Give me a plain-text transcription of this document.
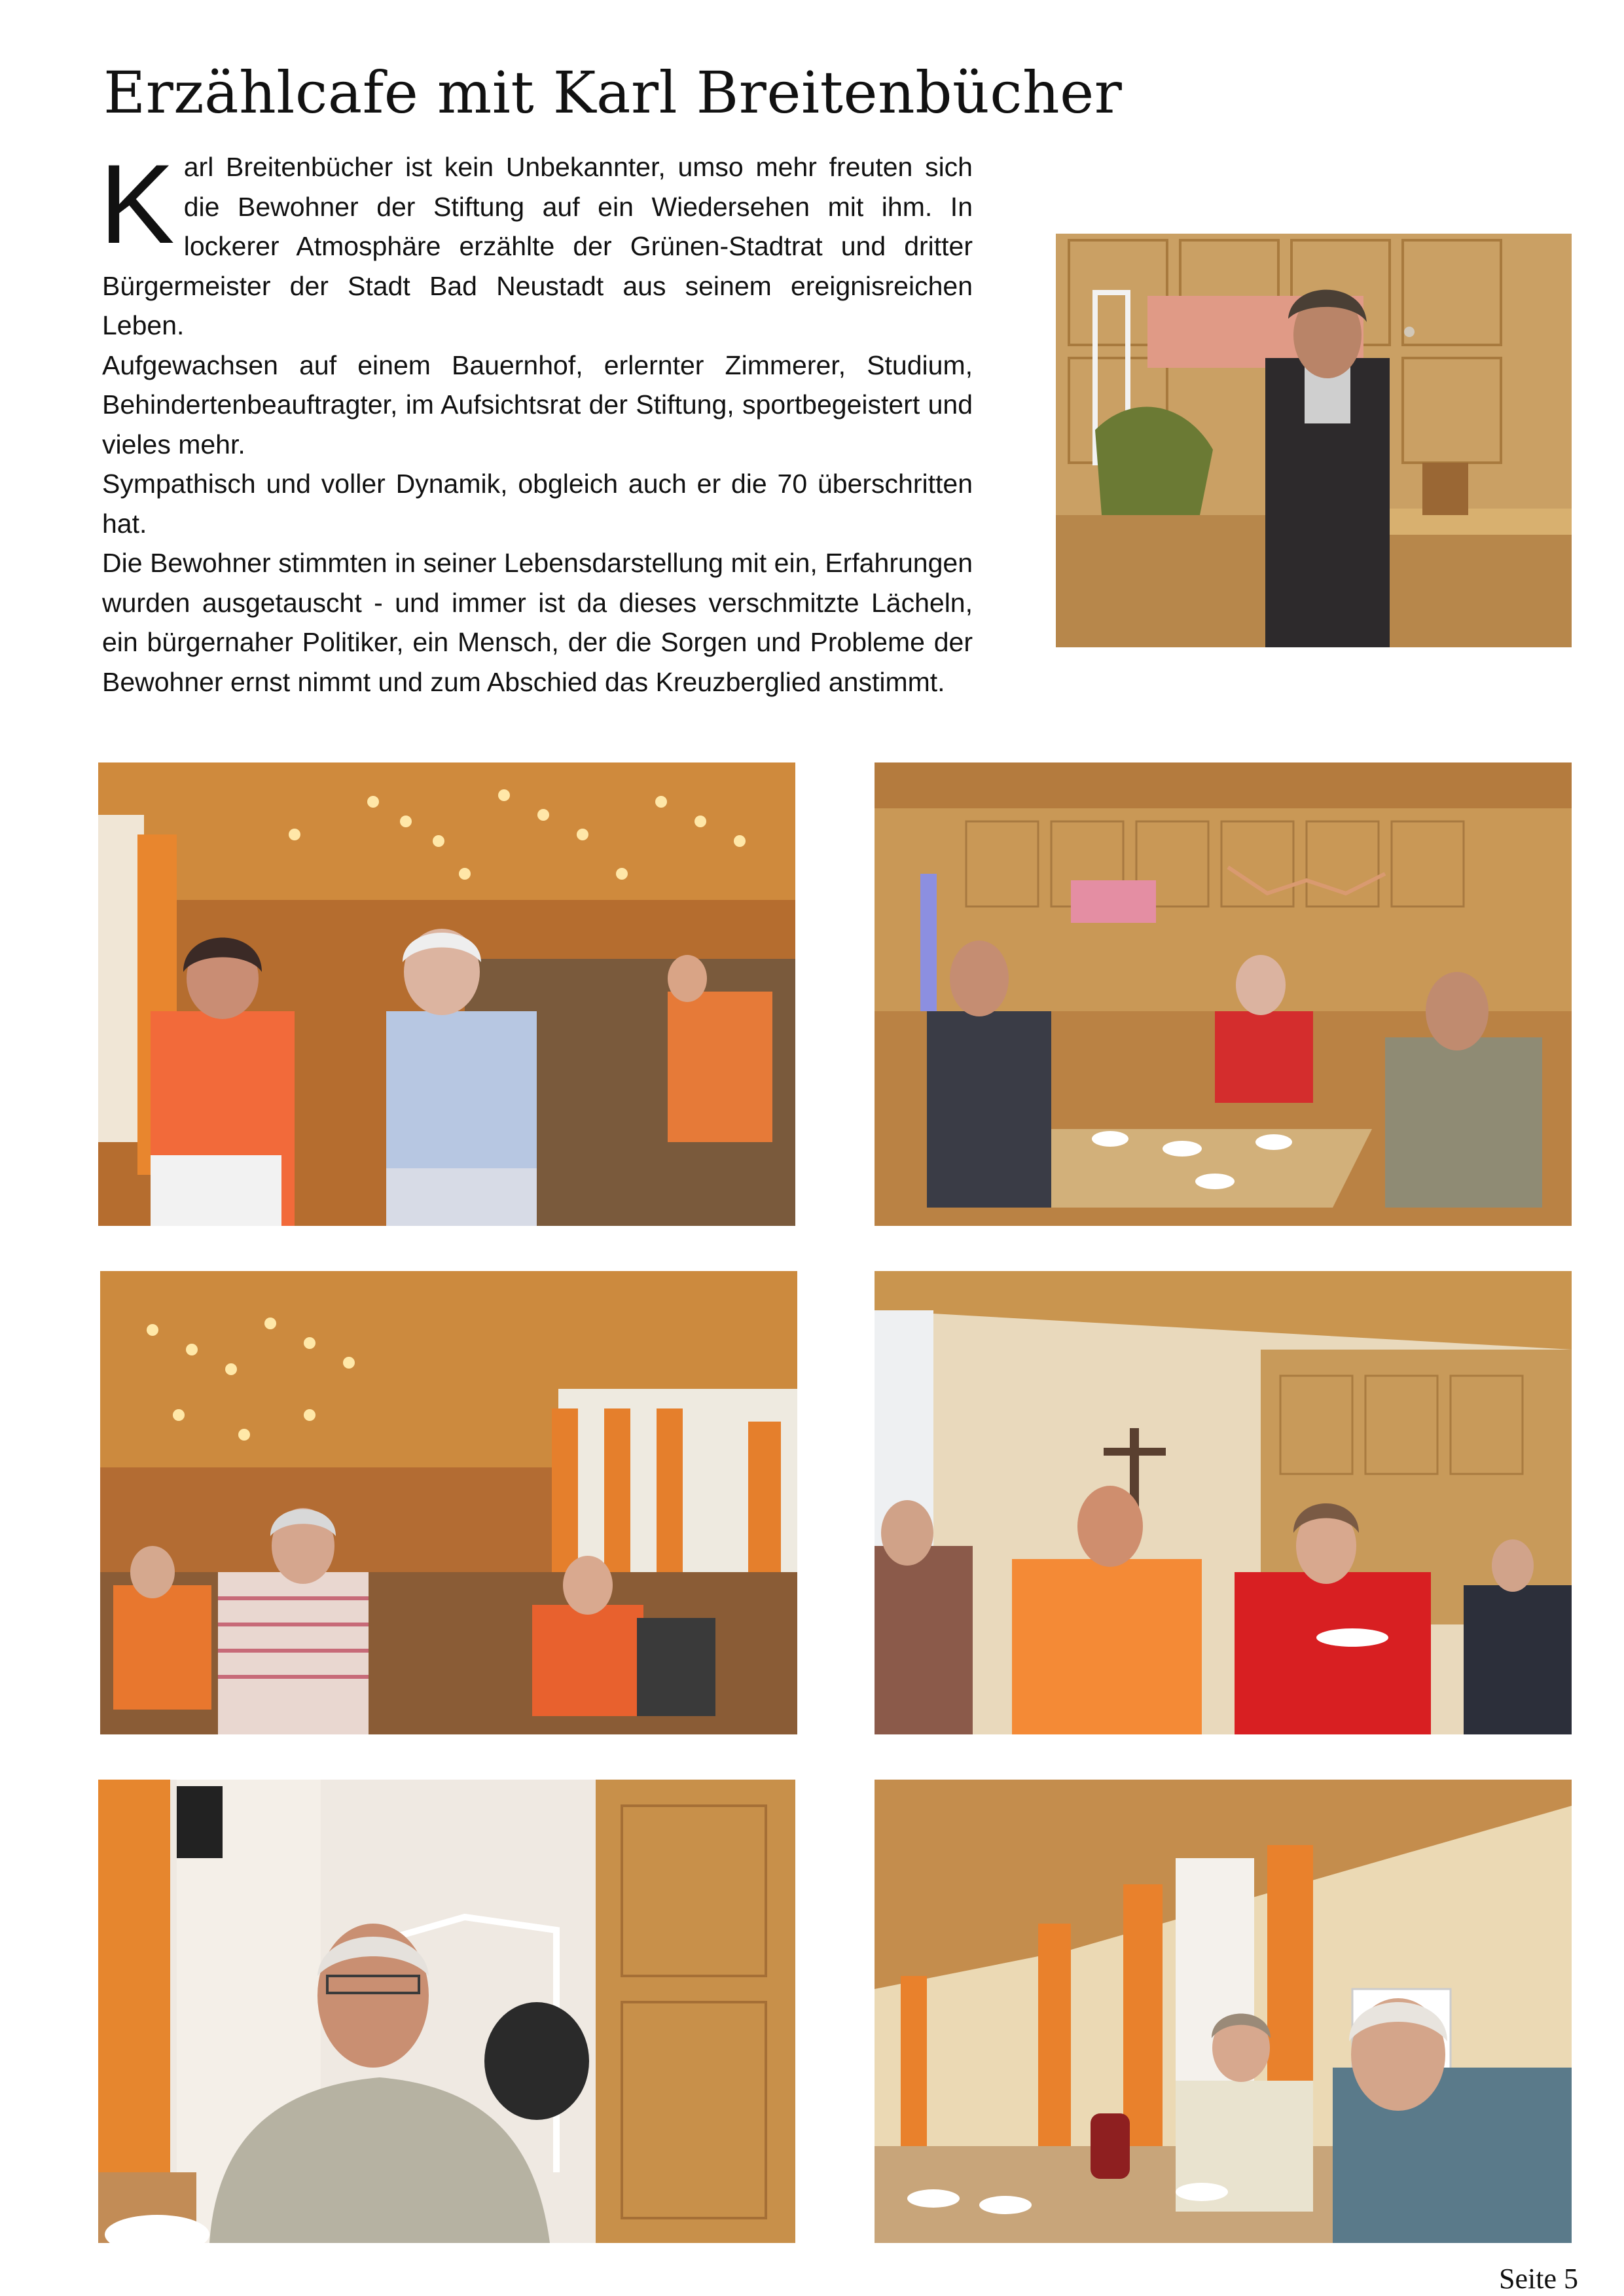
Erzählcafe mit Karl Breitenbücher
K arl Breitenbücher ist kein Unbekannter, umso mehr freuten sich die Bewohner der Stiftung auf ein Wiedersehen mit ihm. In lockerer Atmosphäre erzählte der Grünen-Stadtrat und dritter Bürgermeister der Stadt Bad Neustadt aus seinem ereignisreichen Leben.

Aufgewachsen auf einem Bauernhof, erlernter Zimmerer, Studium, Behindertenbeauftragter, im Aufsichtsrat der Stiftung, sportbegeistert und vieles mehr.

Sympathisch und voller Dynamik, obgleich auch er die 70 überschritten hat.

Die Bewohner stimmten in seiner Lebensdarstellung mit ein, Erfahrungen wurden ausgetauscht - und immer ist da dieses verschmitzte Lächeln, ein bürgernaher Politiker, ein Mensch, der die Sorgen und Probleme der Bewohner ernst nimmt und zum Abschied das Kreuzberglied anstimmt.

Seite 5
